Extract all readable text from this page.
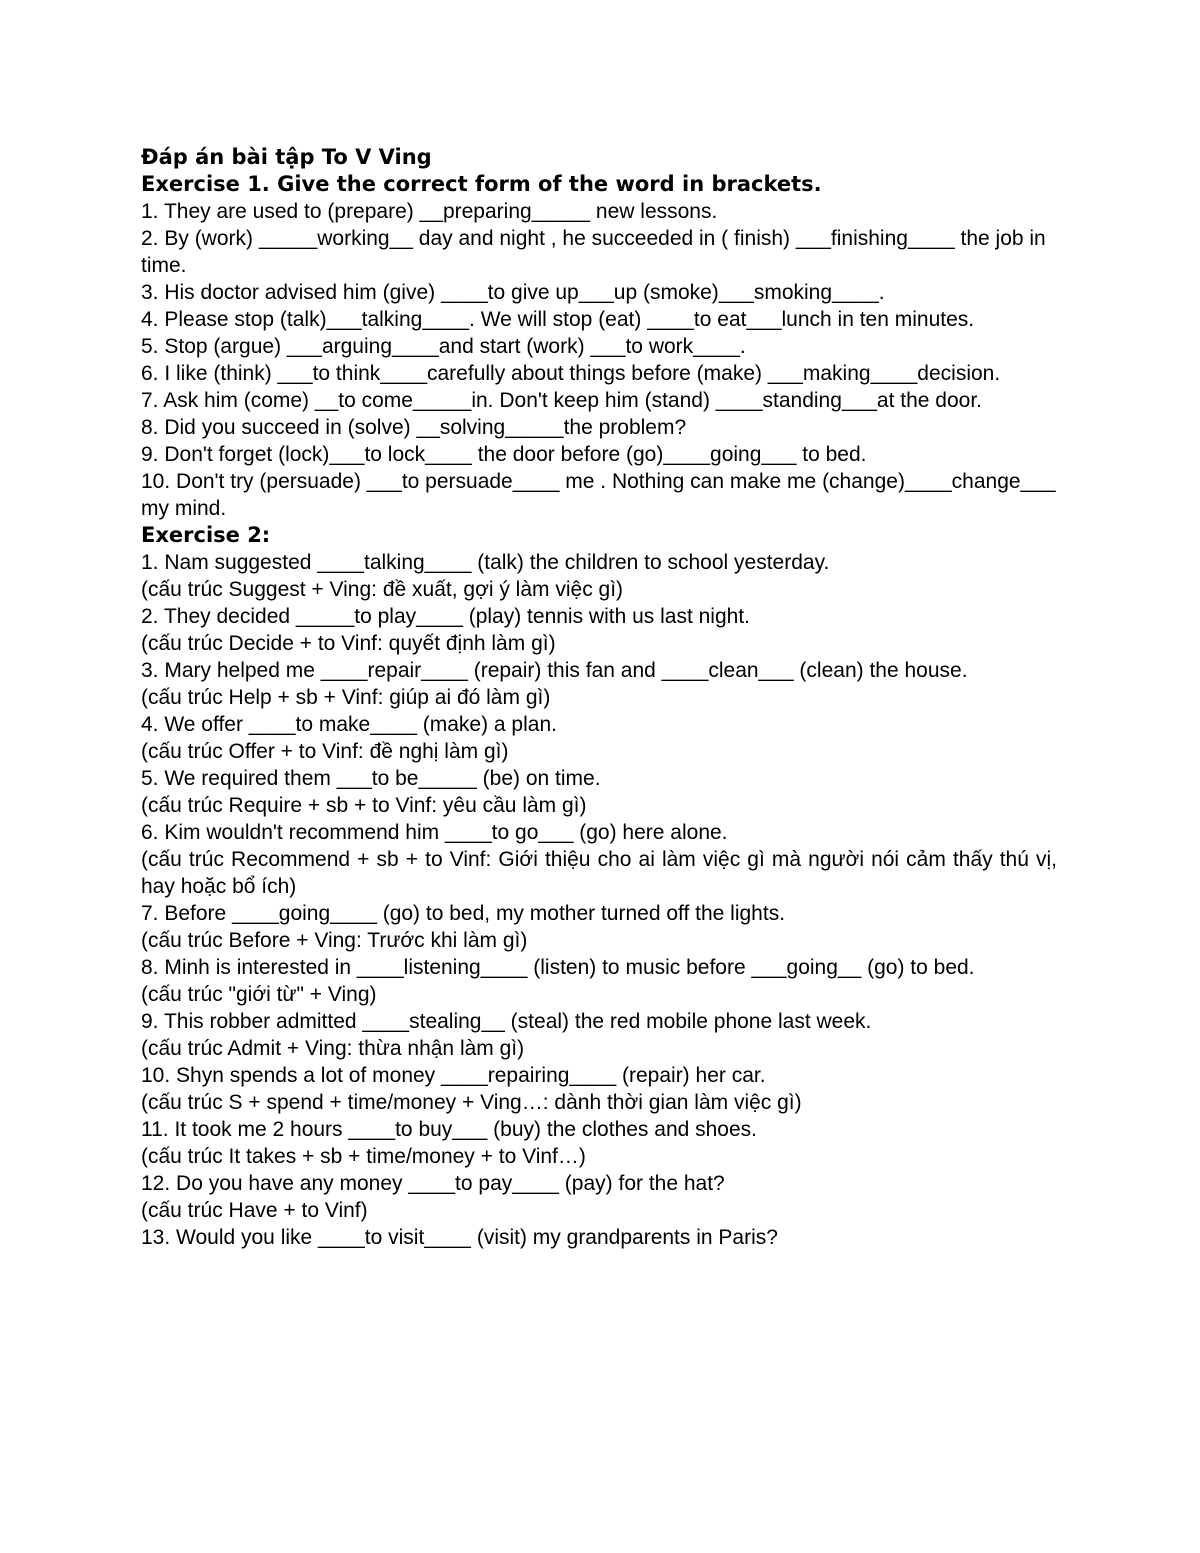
Đáp án bài tập To V Ving

Exercise 1. Give the correct form of the word in brackets.

1. They are used to (prepare) __preparing_____ new lessons.

2. By (work) _____working__ day and night , he succeeded in ( finish) ___finishing____ the job in time.

3. His doctor advised him (give) ____to give up___up (smoke)___smoking____.

4. Please stop (talk)___talking____. We will stop (eat) ____to eat___lunch in ten minutes.

5. Stop (argue) ___arguing____and start (work) ___to work____.

6. I like (think) ___to think____carefully about things before (make) ___making____decision.

7. Ask him (come) __to come_____in. Don't keep him (stand) ____standing___at the door.

8. Did you succeed in (solve) __solving_____the problem?

9. Don't forget (lock)___to lock____ the door before (go)____going___ to bed.

10. Don't try (persuade) ___to persuade____ me . Nothing can make me (change)____change___ my mind.

Exercise 2:

1. Nam suggested ____talking____ (talk) the children to school yesterday.

(cấu trúc Suggest + Ving: đề xuất, gợi ý làm việc gì)

2. They decided _____to play____ (play) tennis with us last night.

(cấu trúc Decide + to Vinf: quyết định làm gì)

3. Mary helped me ____repair____ (repair) this fan and ____clean___ (clean) the house.

(cấu trúc Help + sb + Vinf: giúp ai đó làm gì)

4. We offer ____to make____ (make) a plan.

(cấu trúc Offer + to Vinf: đề nghị làm gì)

5. We required them ___to be_____ (be) on time.

(cấu trúc Require + sb + to Vinf: yêu cầu làm gì)

6. Kim wouldn't recommend him ____to go___ (go) here alone.

(cấu trúc Recommend + sb + to Vinf: Giới thiệu cho ai làm việc gì mà người nói cảm thấy thú vị, hay hoặc bổ ích)

7. Before ____going____ (go) to bed, my mother turned off the lights.

(cấu trúc Before + Ving: Trước khi làm gì)

8. Minh is interested in ____listening____ (listen) to music before ___going__ (go) to bed.

(cấu trúc "giới từ" + Ving)

9. This robber admitted ____stealing__ (steal) the red mobile phone last week.

(cấu trúc Admit + Ving: thừa nhận làm gì)

10. Shyn spends a lot of money ____repairing____ (repair) her car.

(cấu trúc S + spend + time/money + Ving…: dành thời gian làm việc gì)

11. It took me 2 hours ____to buy___ (buy) the clothes and shoes.

(cấu trúc It takes + sb + time/money + to Vinf…)

12. Do you have any money ____to pay____ (pay) for the hat?

(cấu trúc Have + to Vinf)

13. Would you like ____to visit____ (visit) my grandparents in Paris?
